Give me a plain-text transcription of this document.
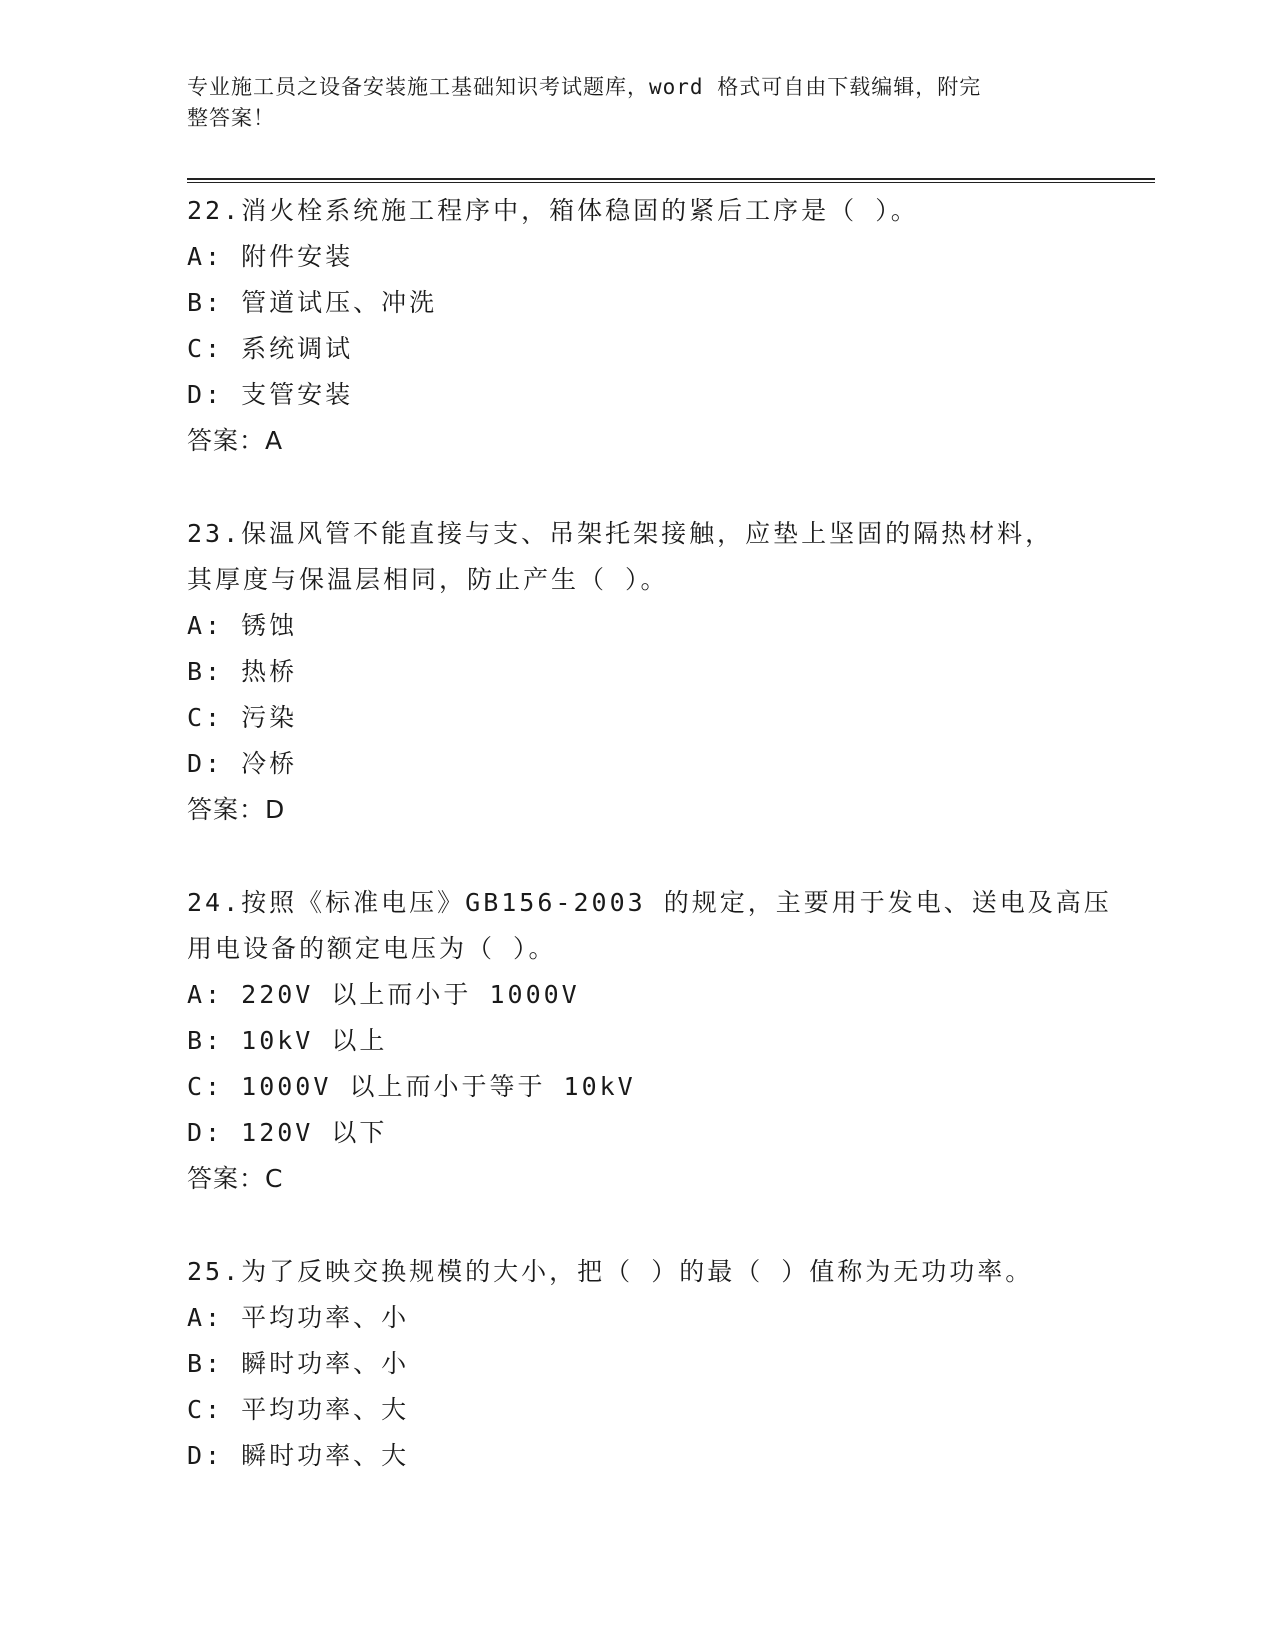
专业施工员之设备安装施工基础知识考试题库，word 格式可自由下载编辑，附完
整答案！
22.消火栓系统施工程序中，箱体稳固的紧后工序是（ ）。
A: 附件安装
B: 管道试压、冲洗
C: 系统调试
D: 支管安装
答案：A
23.保温风管不能直接与支、吊架托架接触，应垫上坚固的隔热材料，
其厚度与保温层相同，防止产生（ ）。
A: 锈蚀
B: 热桥
C: 污染
D: 冷桥
答案：D
24.按照《标准电压》GB156-2003 的规定，主要用于发电、送电及高压
用电设备的额定电压为（ ）。
A: 220V 以上而小于 1000V
B: 10kV 以上
C: 1000V 以上而小于等于 10kV
D: 120V 以下
答案：C
25.为了反映交换规模的大小，把（ ）的最（ ）值称为无功功率。
A: 平均功率、小
B: 瞬时功率、小
C: 平均功率、大
D: 瞬时功率、大
